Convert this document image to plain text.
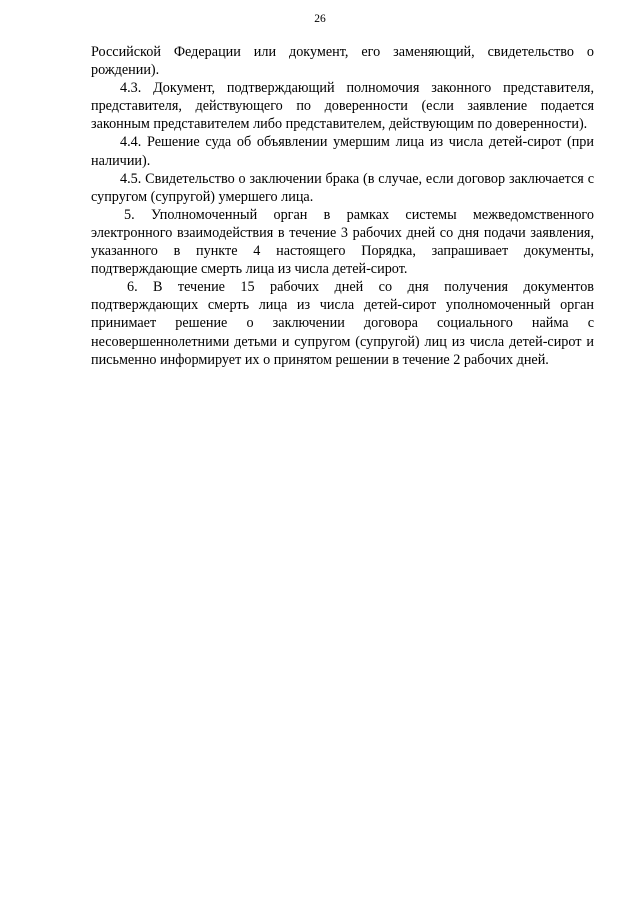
26

Российской Федерации или документ, его заменяющий, свидетельство о рождении).

4.3. Документ, подтверждающий полномочия законного представителя, представителя, действующего по доверенности (если заявление подается законным представителем либо представителем, действующим по доверенности).

4.4. Решение суда об объявлении умершим лица из числа детей-сирот (при наличии).

4.5. Свидетельство о заключении брака (в случае, если договор заключается с супругом (супругой) умершего лица.

5. Уполномоченный орган в рамках системы межведомственного электронного взаимодействия в течение 3 рабочих дней со дня подачи заявления, указанного в пункте 4 настоящего Порядка, запрашивает документы, подтверждающие смерть лица из числа детей-сирот.

6. В течение 15 рабочих дней со дня получения документов подтверждающих смерть лица из числа детей-сирот уполномоченный орган принимает решение о заключении договора социального найма с несовершеннолетними детьми и супругом (супругой) лиц из числа детей-сирот и письменно информирует их о принятом решении в течение 2 рабочих дней.
